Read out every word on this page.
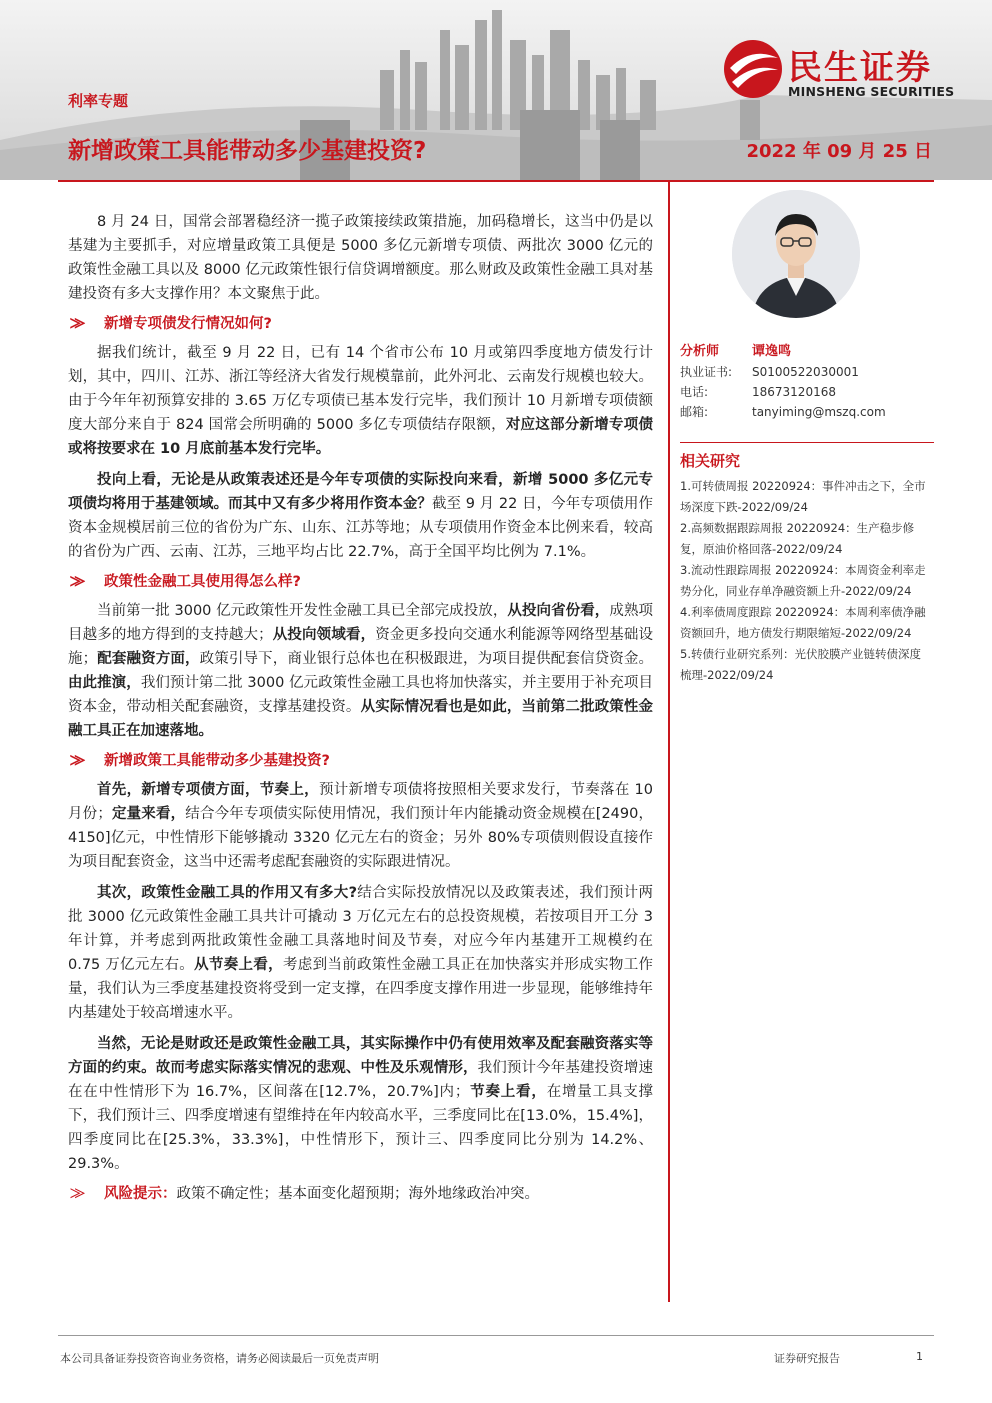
民生证券
MINSHENG SECURITIES
利率专题
新增政策工具能带动多少基建投资?	2022 年 09 月 25 日

8 月 24 日，国常会部署稳经济一揽子政策接续政策措施，加码稳增长，这当中仍是以基建为主要抓手，对应增量政策工具便是 5000 多亿元新增专项债、两批次 3000 亿元的政策性金融工具以及 8000 亿元政策性银行信贷调增额度。那么财政及政策性金融工具对基建投资有多大支撑作用？本文聚焦于此。

⨠	新增专项债发行情况如何?

据我们统计，截至 9 月 22 日，已有 14 个省市公布 10 月或第四季度地方债发行计划，其中，四川、江苏、浙江等经济大省发行规模靠前，此外河北、云南发行规模也较大。由于今年年初预算安排的 3.65 万亿专项债已基本发行完毕，我们预计 10 月新增专项债额度大部分来自于 824 国常会所明确的 5000 多亿专项债结存限额，对应这部分新增专项债或将按要求在 10 月底前基本发行完毕。

投向上看，无论是从政策表述还是今年专项债的实际投向来看，新增 5000 多亿元专项债均将用于基建领域。而其中又有多少将用作资本金？截至 9 月 22 日，今年专项债用作资本金规模居前三位的省份为广东、山东、江苏等地；从专项债用作资金本比例来看，较高的省份为广西、云南、江苏，三地平均占比 22.7%，高于全国平均比例为 7.1%。

⨠	政策性金融工具使用得怎么样?

当前第一批 3000 亿元政策性开发性金融工具已全部完成投放，从投向省份看，成熟项目越多的地方得到的支持越大；从投向领域看，资金更多投向交通水利能源等网络型基础设施；配套融资方面，政策引导下，商业银行总体也在积极跟进，为项目提供配套信贷资金。由此推演，我们预计第二批 3000 亿元政策性金融工具也将加快落实，并主要用于补充项目资本金，带动相关配套融资，支撑基建投资。从实际情况看也是如此，当前第二批政策性金融工具正在加速落地。

⨠	新增政策工具能带动多少基建投资?

首先，新增专项债方面，节奏上，预计新增专项债将按照相关要求发行，节奏落在 10 月份；定量来看，结合今年专项债实际使用情况，我们预计年内能撬动资金规模在[2490，4150]亿元，中性情形下能够撬动 3320 亿元左右的资金；另外 80%专项债则假设直接作为项目配套资金，这当中还需考虑配套融资的实际跟进情况。

其次，政策性金融工具的作用又有多大?结合实际投放情况以及政策表述，我们预计两批 3000 亿元政策性金融工具共计可撬动 3 万亿元左右的总投资规模，若按项目开工分 3 年计算，并考虑到两批政策性金融工具落地时间及节奏，对应今年内基建开工规模约在 0.75 万亿元左右。从节奏上看，考虑到当前政策性金融工具正在加快落实并形成实物工作量，我们认为三季度基建投资将受到一定支撑，在四季度支撑作用进一步显现，能够维持年内基建处于较高增速水平。

当然，无论是财政还是政策性金融工具，其实际操作中仍有使用效率及配套融资落实等方面的约束。故而考虑实际落实情况的悲观、中性及乐观情形，我们预计今年基建投资增速在在中性情形下为 16.7%，区间落在[12.7%，20.7%]内；节奏上看，在增量工具支撑下，我们预计三、四季度增速有望维持在年内较高水平，三季度同比在[13.0%，15.4%]，四季度同比在[25.3%，33.3%]，中性情形下，预计三、四季度同比分别为 14.2%、29.3%。

⨠	风险提示：政策不确定性；基本面变化超预期；海外地缘政治冲突。
分析师	谭逸鸣
执业证书:	S0100522030001
电话:	18673120168
邮箱:	tanyiming@mszq.com
相关研究
1.可转债周报 20220924：事件冲击之下，全市场深度下跌-2022/09/24
2.高频数据跟踪周报 20220924：生产稳步修复，原油价格回落-2022/09/24
3.流动性跟踪周报 20220924：本周资金利率走势分化，同业存单净融资额上升-2022/09/24
4.利率债周度跟踪 20220924：本周利率债净融资额回升，地方债发行期限缩短-2022/09/24
5.转债行业研究系列：光伏胶膜产业链转债深度梳理-2022/09/24
本公司具备证券投资咨询业务资格，请务必阅读最后一页免责声明	证券研究报告	1
